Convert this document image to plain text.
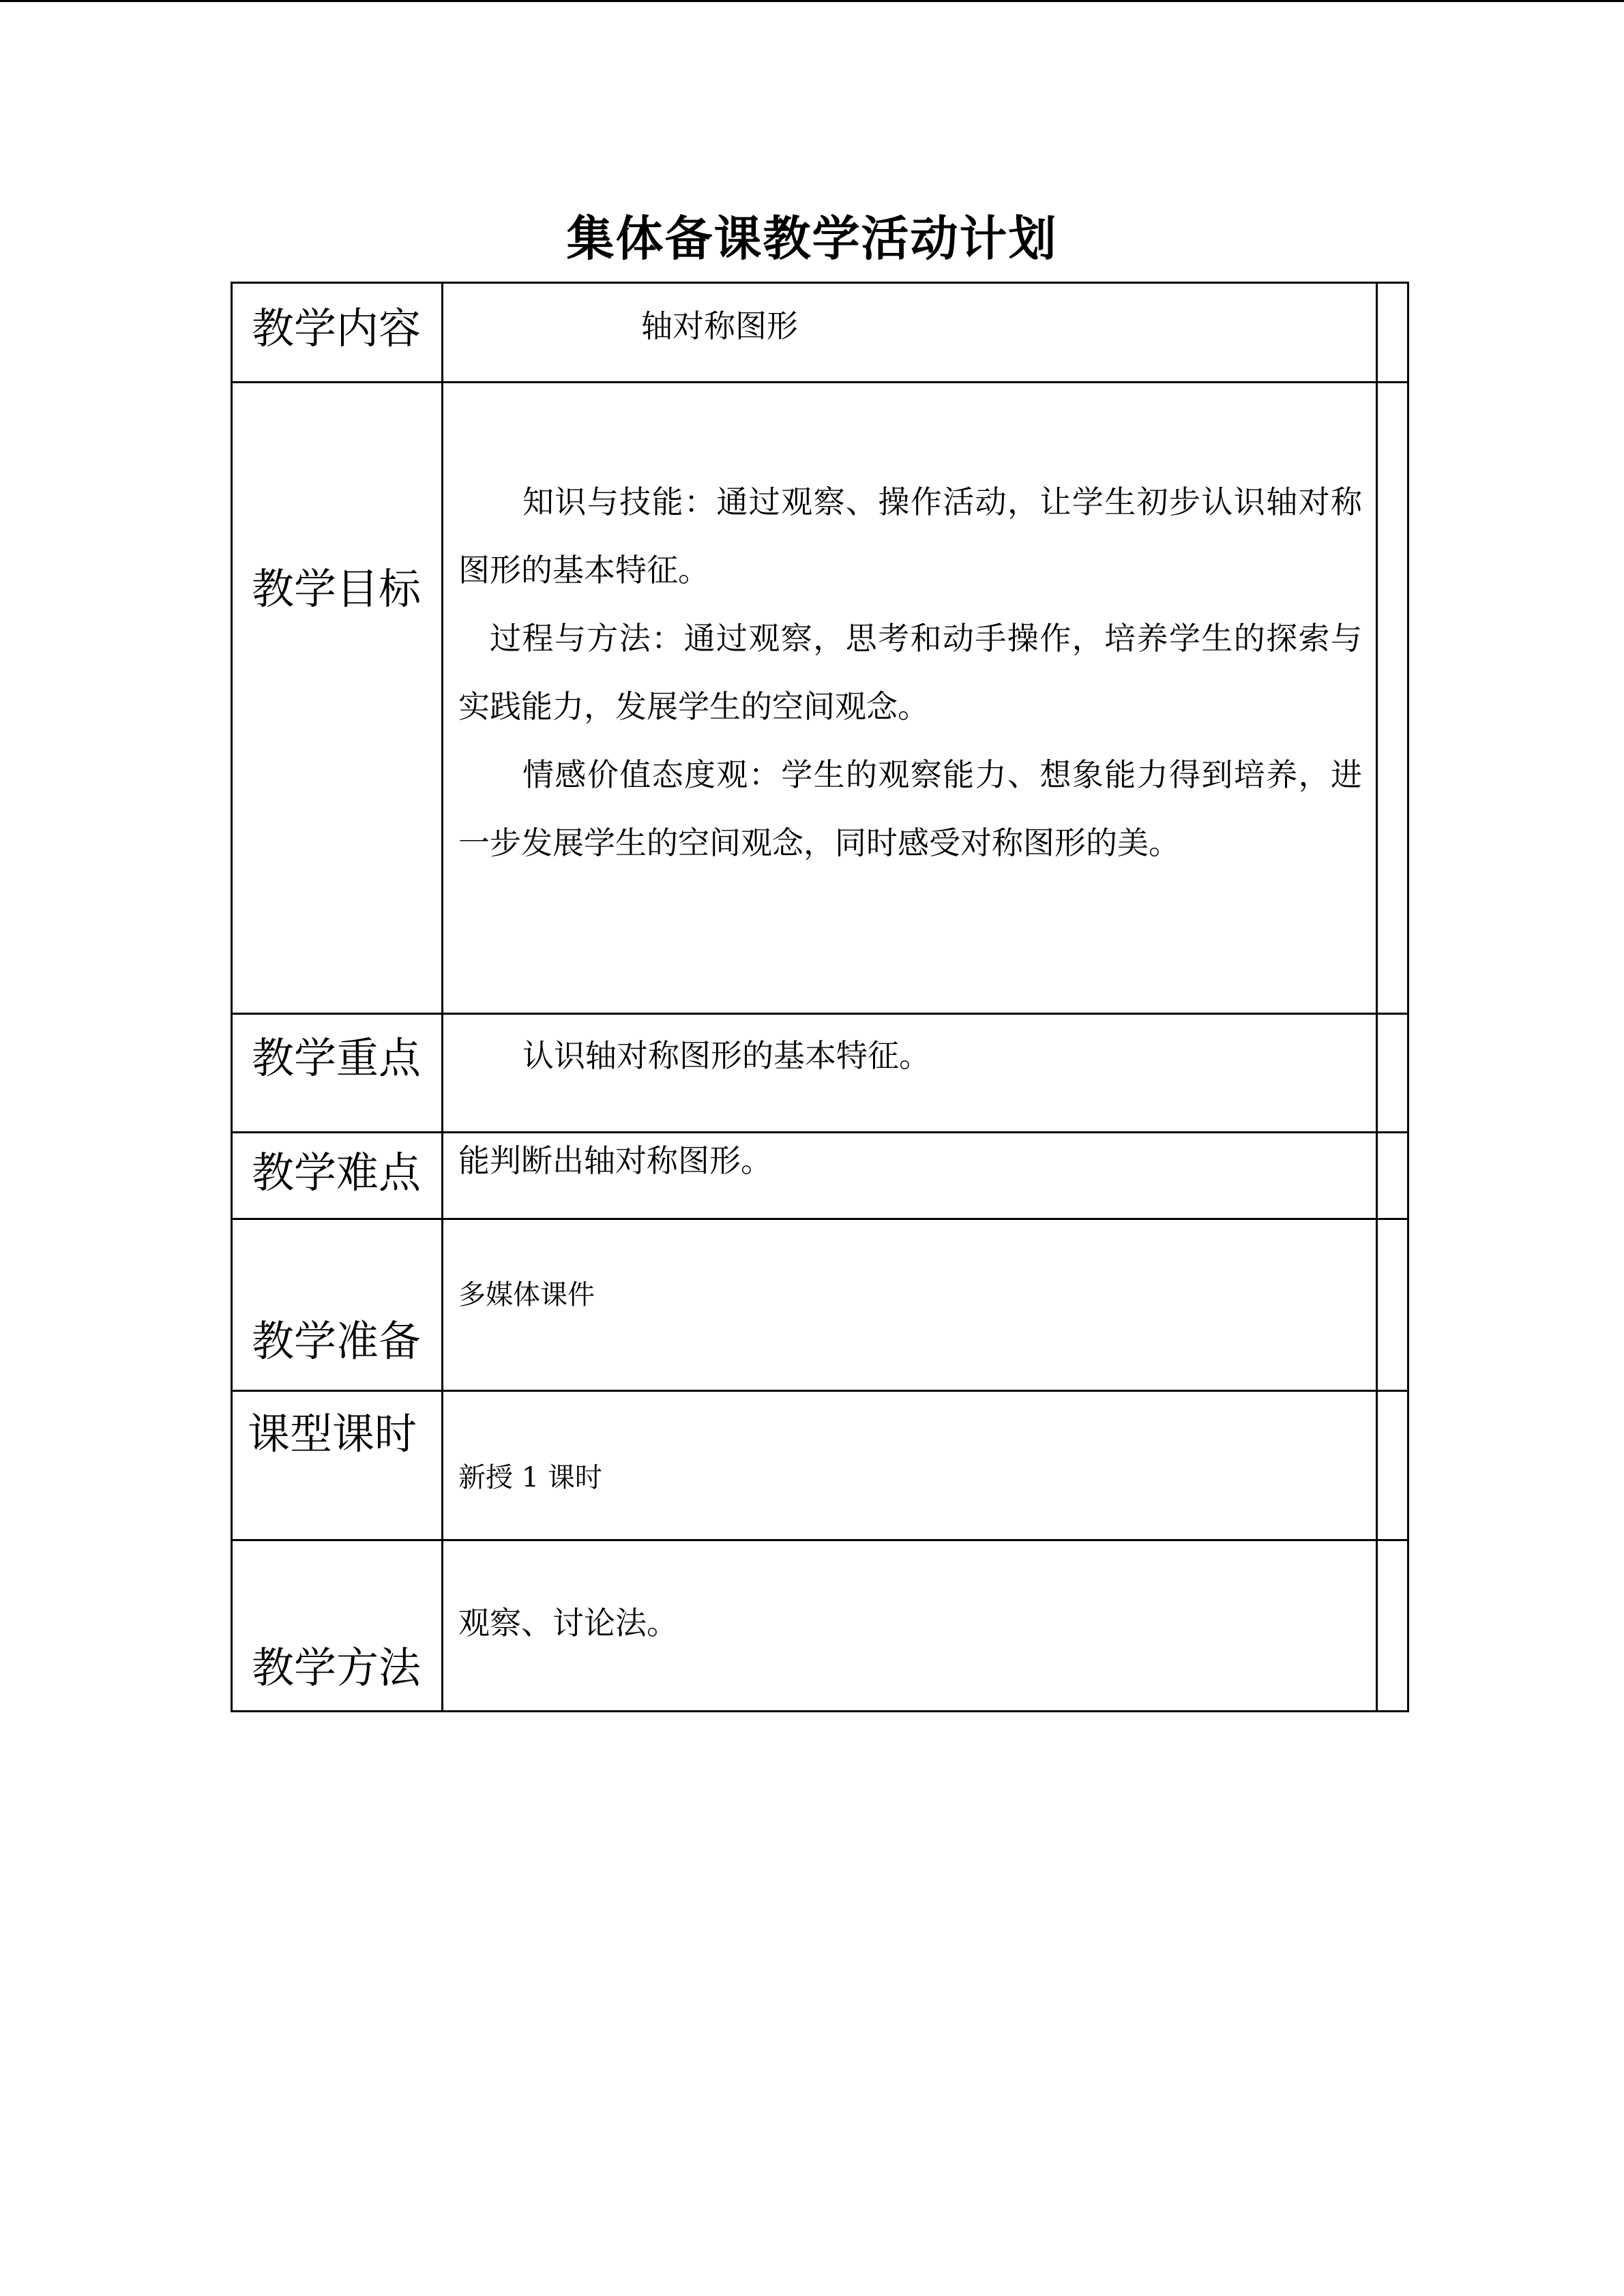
集体备课教学活动计划
教学内容	轴对称图形	

教学目标	知识与技能：通过观察、操作活动，让学生初步认识轴对称图形的基本特征。
过程与方法：通过观察，思考和动手操作，培养学生的探索与实践能力，发展学生的空间观念。
情感价值态度观：学生的观察能力、想象能力得到培养，进一步发展学生的空间观念，同时感受对称图形的美。	

教学重点	认识轴对称图形的基本特征。	

教学难点	能判断出轴对称图形。	

教学准备	多媒体课件	

课型课时	新授 1 课时	

教学方法	观察、讨论法。	
